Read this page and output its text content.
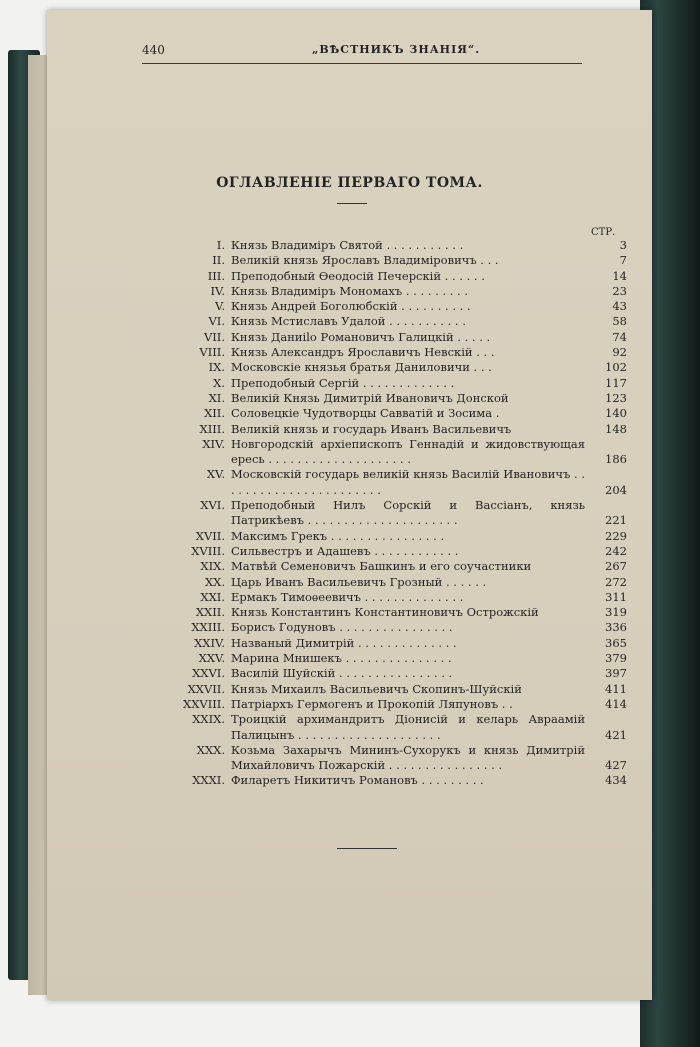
440	„ВѢСТНИКЪ ЗНАНІЯ“.
ОГЛАВЛЕНІЕ ПЕРВАГО ТОМА.
СТР.
I. Князь Владиміръ Святой . . . . . . . . . . .	3
II. Великій князь Ярославъ Владиміровичъ . . .	7
III. Преподобный Ѳеодосій Печерскій . . . . . .	14
IV. Князь Владиміръ Мономахъ . . . . . . . . .	23
V. Князь Андрей Боголюбскій . . . . . . . . . .	43
VI. Князь Мстиславъ Удалой . . . . . . . . . . .	58
VII. Князь Даниilo Романовичъ Галицкій . . . . .	74
VIII. Князь Александръ Ярославичъ Невскій . . .	92
IX. Московскіе князья братья Даниловичи . . .	102
X. Преподобный Сергій . . . . . . . . . . . . .	117
XI. Великій Князь Димитрій Ивановичъ Донской	123
XII. Соловецкіе Чудотворцы Савватій и Зосима .	140
XIII. Великій князь и государь Иванъ Васильевичъ	148
XIV. Новгородскій архіепископъ Геннадій и жидовствующая ересь . . . . . . . . . . . . . . . . . . . .	186
XV. Московскій государь великій князь Василій Ивановичъ . . . . . . . . . . . . . . . . . . . . . . .	204
XVI. Преподобный Нилъ Сорскій и Вассіанъ, князь Патрикѣевъ . . . . . . . . . . . . . . . . . . . . .	221
XVII. Максимъ Грекъ . . . . . . . . . . . . . . . .	229
XVIII. Сильвестръ и Адашевъ . . . . . . . . . . . .	242
XIX. Матвѣй Семеновичъ Башкинъ и его соучастники	267
XX. Царь Иванъ Васильевичъ Грозный . . . . . .	272
XXI. Ермакъ Тимоѳеевичъ . . . . . . . . . . . . . .	311
XXII. Князь Константинъ Константиновичъ Острожскій	319
XXIII. Борисъ Годуновъ . . . . . . . . . . . . . . . .	336
XXIV. Названый Димитрій . . . . . . . . . . . . . .	365
XXV. Марина Мнишекъ . . . . . . . . . . . . . . .	379
XXVI. Василій Шуйскій . . . . . . . . . . . . . . . .	397
XXVII. Князь Михаилъ Васильевичъ Скопинъ-Шуйскій	411
XXVIII. Патріархъ Гермогенъ и Прокопій Ляпуновъ . .	414
XXIX. Троицкій архимандритъ Діонисій и келарь Авраамій Палицынъ . . . . . . . . . . . . . . . . . . . .	421
XXX. Козьма Захарычъ Мининъ-Сухорукъ и князь Димитрій Михайловичъ Пожарскій . . . . . . . . . . . . . . . .	427
XXXI. Филаретъ Никитичъ Романовъ . . . . . . . . .	434
